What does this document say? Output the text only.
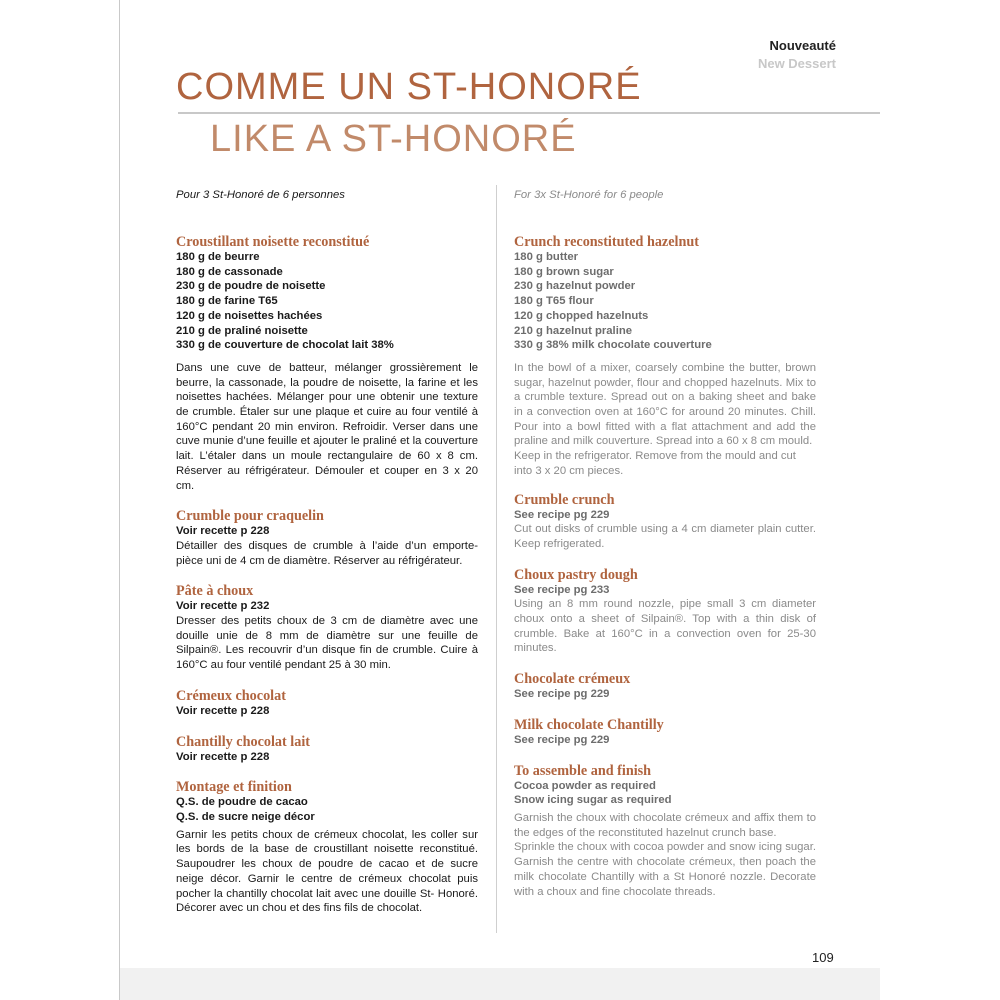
Nouveauté
New Dessert
COMME UN ST-HONORÉ
LIKE A ST-HONORÉ
Pour 3 St-Honoré de 6 personnes
Croustillant noisette reconstitué
180 g de beurre
180 g de cassonade
230 g de poudre de noisette
180 g de farine T65
120 g de noisettes hachées
210 g de praliné noisette
330 g de couverture de chocolat lait 38%

Dans une cuve de batteur, mélanger grossièrement le beurre, la cassonade, la poudre de noisette, la farine et les noisettes hachées. Mélanger pour une obtenir une texture de crumble. Étaler sur une plaque et cuire au four ventilé à 160°C pendant 20 min environ. Refroidir. Verser dans une cuve munie d’une feuille et ajouter le praliné et la couverture lait. L’étaler dans un moule rectangulaire de 60 x 8 cm. Réserver au réfrigérateur. Démouler et couper en 3 x 20 cm.

Crumble pour craquelin
Voir recette p 228

Détailler des disques de crumble à l’aide d’un emporte-pièce uni de 4 cm de diamètre. Réserver au réfrigérateur.

Pâte à choux
Voir recette p 232

Dresser des petits choux de 3 cm de diamètre avec une douille unie de 8 mm de diamètre sur une feuille de Silpain®. Les recouvrir d’un disque fin de crumble. Cuire à 160°C au four ventilé pendant 25 à 30 min.

Crémeux chocolat
Voir recette p 228
Chantilly chocolat lait
Voir recette p 228
Montage et finition
Q.S. de poudre de cacao
Q.S. de sucre neige décor

Garnir les petits choux de crémeux chocolat, les coller sur les bords de la base de croustillant noisette reconstitué. Saupoudrer les choux de poudre de cacao et de sucre neige décor. Garnir le centre de crémeux chocolat puis pocher la chantilly chocolat lait avec une douille St- Honoré. Décorer avec un chou et des fins fils de chocolat.

For 3x St-Honoré for 6 people
Crunch reconstituted hazelnut
180 g butter
180 g brown sugar
230 g hazelnut powder
180 g T65 flour
120 g chopped hazelnuts
210 g hazelnut praline
330 g 38% milk chocolate couverture

In the bowl of a mixer, coarsely combine the butter, brown sugar, hazelnut powder, flour and chopped hazelnuts. Mix to a crumble texture. Spread out on a baking sheet and bake in a convection oven at 160°C for around 20 minutes. Chill. Pour into a bowl fitted with a flat attachment and add the praline and milk couverture. Spread into a 60 x 8 cm mould.

Keep in the refrigerator. Remove from the mould and cut into 3 x 20 cm pieces.

Crumble crunch
See recipe pg 229

Cut out disks of crumble using a 4 cm diameter plain cutter. Keep refrigerated.

Choux pastry dough
See recipe pg 233

Using an 8 mm round nozzle, pipe small 3 cm diameter choux onto a sheet of Silpain®. Top with a thin disk of crumble. Bake at 160°C in a convection oven for 25-30 minutes.

Chocolate crémeux
See recipe pg 229
Milk chocolate Chantilly
See recipe pg 229
To assemble and finish
Cocoa powder as required
Snow icing sugar as required

Garnish the choux with chocolate crémeux and affix them to the edges of the reconstituted hazelnut crunch base.

Sprinkle the choux with cocoa powder and snow icing sugar. Garnish the centre with chocolate crémeux, then poach the milk chocolate Chantilly with a St Honoré nozzle. Decorate with a choux and fine chocolate threads.

109
